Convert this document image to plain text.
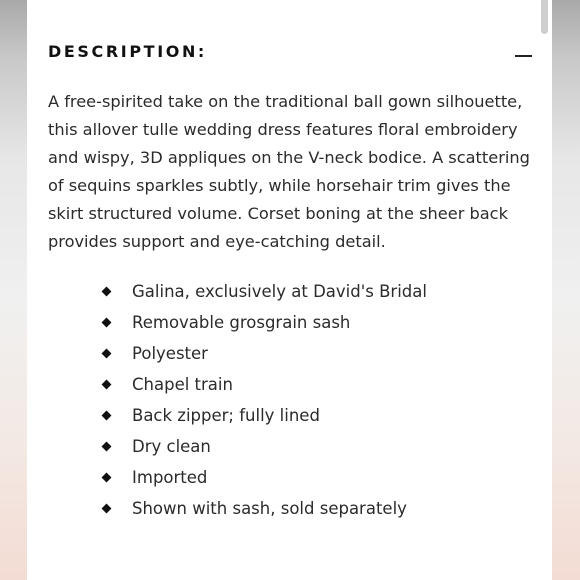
DESCRIPTION:

A free-spirited take on the traditional ball gown silhouette, this allover tulle wedding dress features floral embroidery and wispy, 3D appliques on the V-neck bodice. A scattering of sequins sparkles subtly, while horsehair trim gives the skirt structured volume. Corset boning at the sheer back provides support and eye-catching detail.

Galina, exclusively at David's Bridal
Removable grosgrain sash
Polyester
Chapel train
Back zipper; fully lined
Dry clean
Imported
Shown with sash, sold separately
